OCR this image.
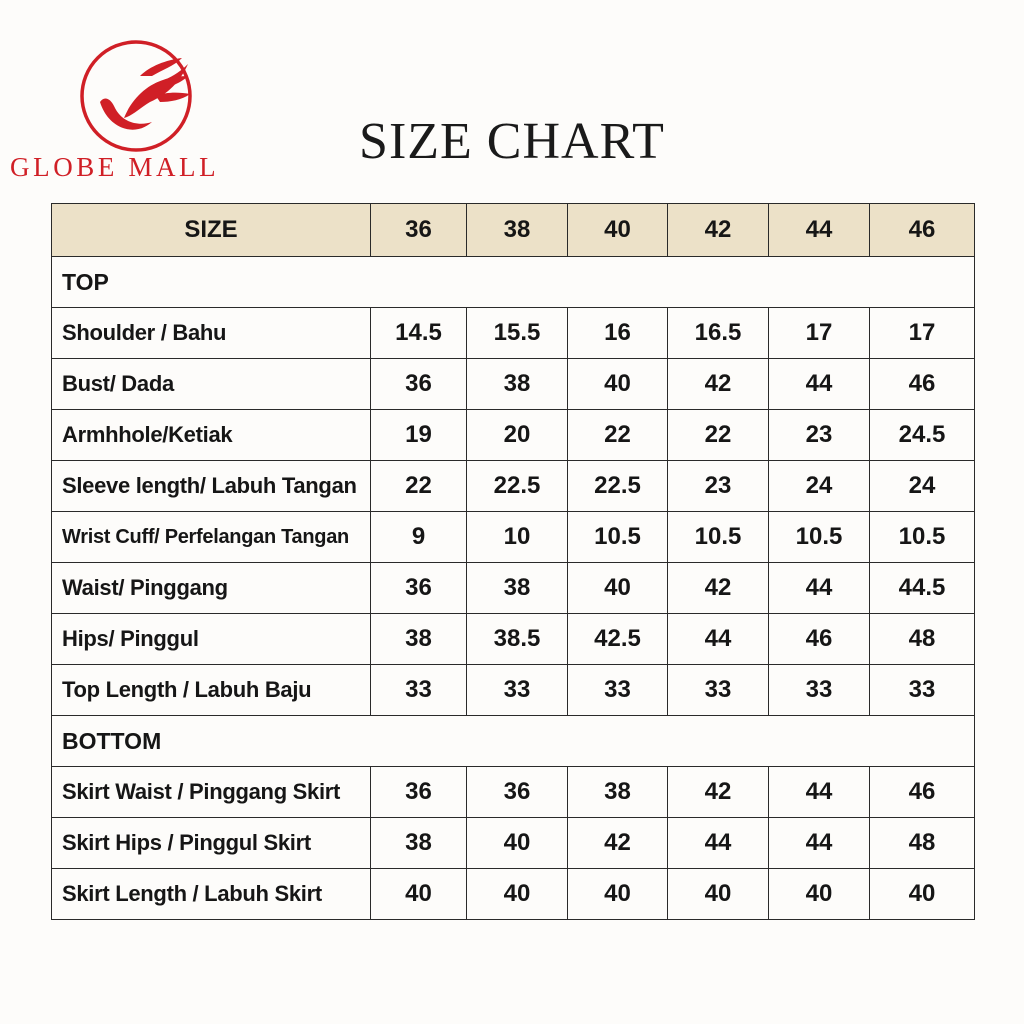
GLOBE MALL	SIZE CHART
SIZE	36	38	40	42	44	46
TOP						
Shoulder / Bahu	14.5	15.5	16	16.5	17	17
Bust/ Dada	36	38	40	42	44	46
Armhhole/Ketiak	19	20	22	22	23	24.5
Sleeve length/ Labuh Tangan	22	22.5	22.5	23	24	24
Wrist Cuff/ Perfelangan Tangan	9	10	10.5	10.5	10.5	10.5
Waist/ Pinggang	36	38	40	42	44	44.5
Hips/ Pinggul	38	38.5	42.5	44	46	48
Top Length / Labuh Baju	33	33	33	33	33	33
BOTTOM						
Skirt Waist / Pinggang Skirt	36	36	38	42	44	46
Skirt Hips / Pinggul Skirt	38	40	42	44	44	48
Skirt Length / Labuh Skirt	40	40	40	40	40	40
